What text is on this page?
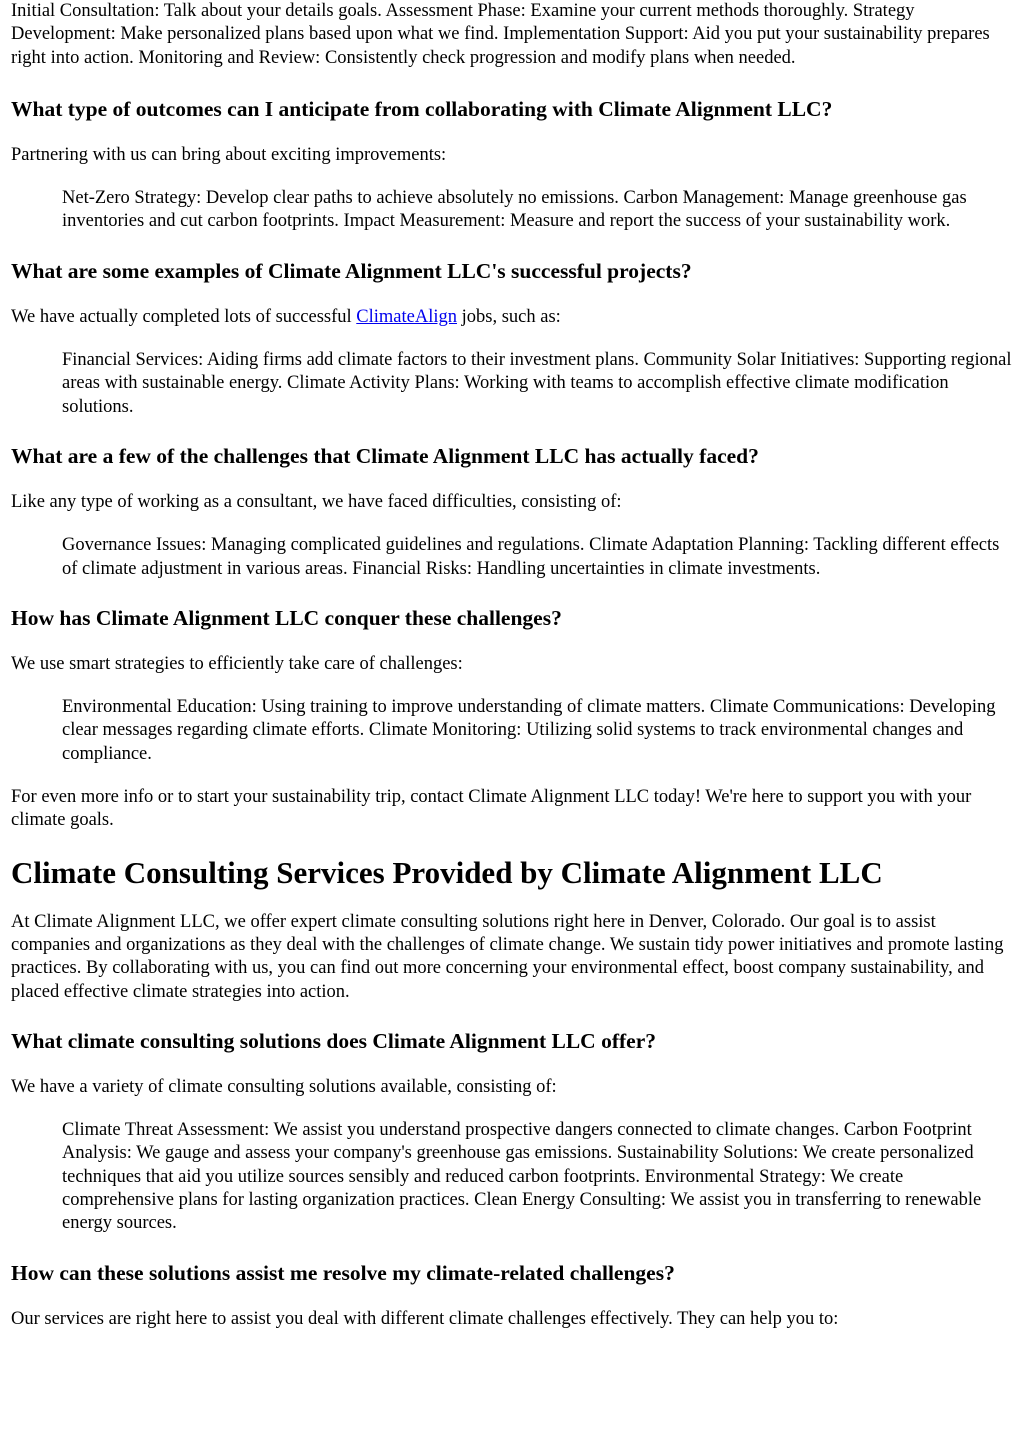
Initial Consultation: Talk about your details goals. Assessment Phase: Examine your current methods thoroughly. Strategy Development: Make personalized plans based upon what we find. Implementation Support: Aid you put your sustainability prepares right into action. Monitoring and Review: Consistently check progression and modify plans when needed.

What type of outcomes can I anticipate from collaborating with Climate Alignment LLC?

Partnering with us can bring about exciting improvements:

Net-Zero Strategy: Develop clear paths to achieve absolutely no emissions. Carbon Management: Manage greenhouse gas inventories and cut carbon footprints. Impact Measurement: Measure and report the success of your sustainability work.
What are some examples of Climate Alignment LLC's successful projects?

We have actually completed lots of successful ClimateAlign jobs, such as:

Financial Services: Aiding firms add climate factors to their investment plans. Community Solar Initiatives: Supporting regional areas with sustainable energy. Climate Activity Plans: Working with teams to accomplish effective climate modification solutions.
What are a few of the challenges that Climate Alignment LLC has actually faced?

Like any type of working as a consultant, we have faced difficulties, consisting of:

Governance Issues: Managing complicated guidelines and regulations. Climate Adaptation Planning: Tackling different effects of climate adjustment in various areas. Financial Risks: Handling uncertainties in climate investments.
How has Climate Alignment LLC conquer these challenges?

We use smart strategies to efficiently take care of challenges:

Environmental Education: Using training to improve understanding of climate matters. Climate Communications: Developing clear messages regarding climate efforts. Climate Monitoring: Utilizing solid systems to track environmental changes and compliance.

For even more info or to start your sustainability trip, contact Climate Alignment LLC today! We're here to support you with your climate goals.

Climate Consulting Services Provided by Climate Alignment LLC

At Climate Alignment LLC, we offer expert climate consulting solutions right here in Denver, Colorado. Our goal is to assist companies and organizations as they deal with the challenges of climate change. We sustain tidy power initiatives and promote lasting practices. By collaborating with us, you can find out more concerning your environmental effect, boost company sustainability, and placed effective climate strategies into action.

What climate consulting solutions does Climate Alignment LLC offer?

We have a variety of climate consulting solutions available, consisting of:

Climate Threat Assessment: We assist you understand prospective dangers connected to climate changes. Carbon Footprint Analysis: We gauge and assess your company's greenhouse gas emissions. Sustainability Solutions: We create personalized techniques that aid you utilize sources sensibly and reduced carbon footprints. Environmental Strategy: We create comprehensive plans for lasting organization practices. Clean Energy Consulting: We assist you in transferring to renewable energy sources.
How can these solutions assist me resolve my climate-related challenges?

Our services are right here to assist you deal with different climate challenges effectively. They can help you to:
